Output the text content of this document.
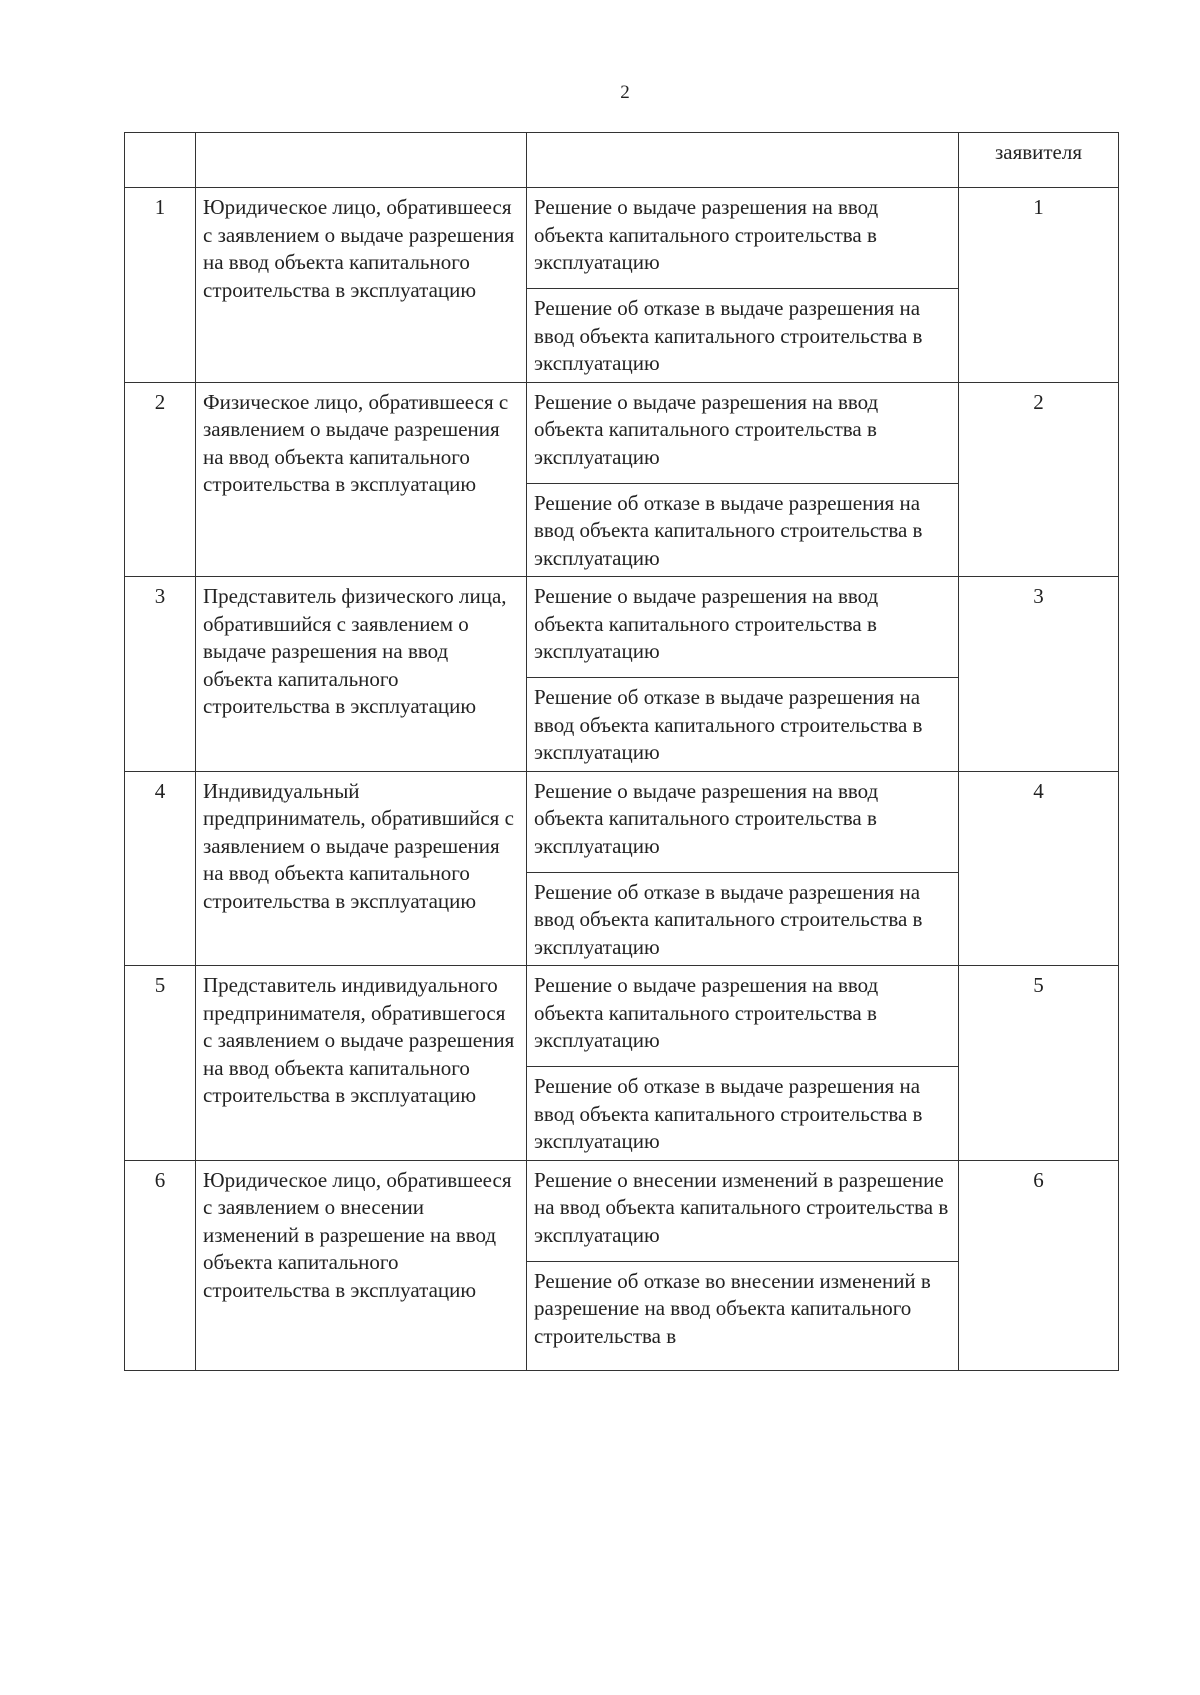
2
			заявителя
1	Юридическое лицо, обратившееся с заявлением о выдаче разрешения на ввод объекта капитального строительства в эксплуатацию	Решение о выдаче разрешения на ввод объекта капитального строительства в эксплуатацию	1
		Решение об отказе в выдаче разрешения на ввод объекта капитального строительства в эксплуатацию	
2	Физическое лицо, обратившееся с заявлением о выдаче разрешения на ввод объекта капитального строительства в эксплуатацию	Решение о выдаче разрешения на ввод объекта капитального строительства в эксплуатацию	2
		Решение об отказе в выдаче разрешения на ввод объекта капитального строительства в эксплуатацию	
3	Представитель физического лица, обратившийся с заявлением о выдаче разрешения на ввод объекта капитального строительства в эксплуатацию	Решение о выдаче разрешения на ввод объекта капитального строительства в эксплуатацию	3
		Решение об отказе в выдаче разрешения на ввод объекта капитального строительства в эксплуатацию	
4	Индивидуальный предприниматель, обратившийся с заявлением о выдаче разрешения на ввод объекта капитального строительства в эксплуатацию	Решение о выдаче разрешения на ввод объекта капитального строительства в эксплуатацию	4
		Решение об отказе в выдаче разрешения на ввод объекта капитального строительства в эксплуатацию	
5	Представитель индивидуального предпринимателя, обратившегося с заявлением о выдаче разрешения на ввод объекта капитального строительства в эксплуатацию	Решение о выдаче разрешения на ввод объекта капитального строительства в эксплуатацию	5
		Решение об отказе в выдаче разрешения на ввод объекта капитального строительства в эксплуатацию	
6	Юридическое лицо, обратившееся с заявлением о внесении изменений в разрешение на ввод объекта капитального строительства в эксплуатацию	Решение о внесении изменений в разрешение на ввод объекта капитального строительства в эксплуатацию	6

		Решение об отказе во внесении изменений в разрешение на ввод объекта капитального строительства в	
